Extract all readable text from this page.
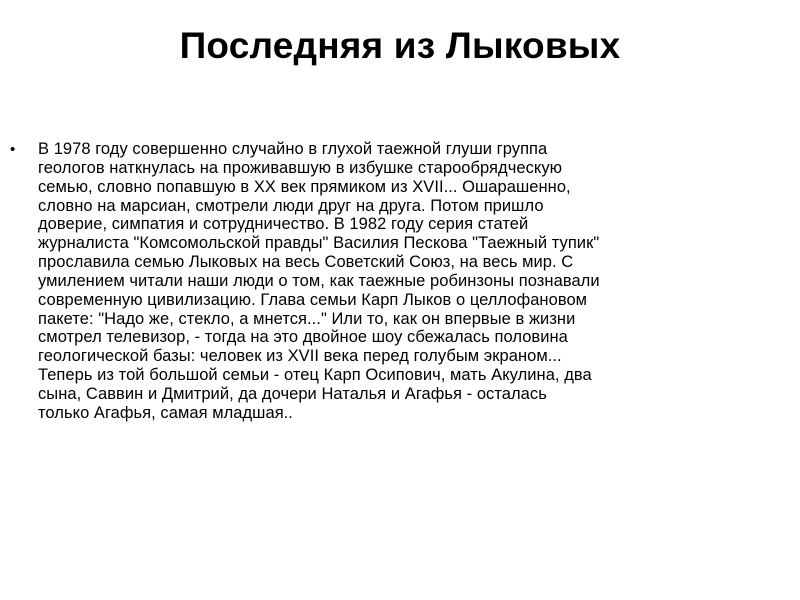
Последняя из Лыковых
•	В 1978 году совершенно случайно в глухой таежной глуши группа
геологов наткнулась на проживавшую в избушке старообрядческую
семью, словно попавшую в XX век прямиком из XVII... Ошарашенно,
словно на марсиан, смотрели люди друг на друга. Потом пришло
доверие, симпатия и сотрудничество. В 1982 году серия статей
журналиста "Комсомольской правды" Василия Пескова "Таежный тупик"
прославила семью Лыковых на весь Советский Союз, на весь мир. С
умилением читали наши люди о том, как таежные робинзоны познавали
современную цивилизацию. Глава семьи Карп Лыков о целлофановом
пакете: "Надо же, стекло, а мнется..." Или то, как он впервые в жизни
смотрел телевизор, - тогда на это двойное шоу сбежалась половина
геологической базы: человек из XVII века перед голубым экраном...
Теперь из той большой семьи - отец Карп Осипович, мать Акулина, два
сына, Саввин и Дмитрий, да дочери Наталья и Агафья - осталась
только Агафья, самая младшая..
